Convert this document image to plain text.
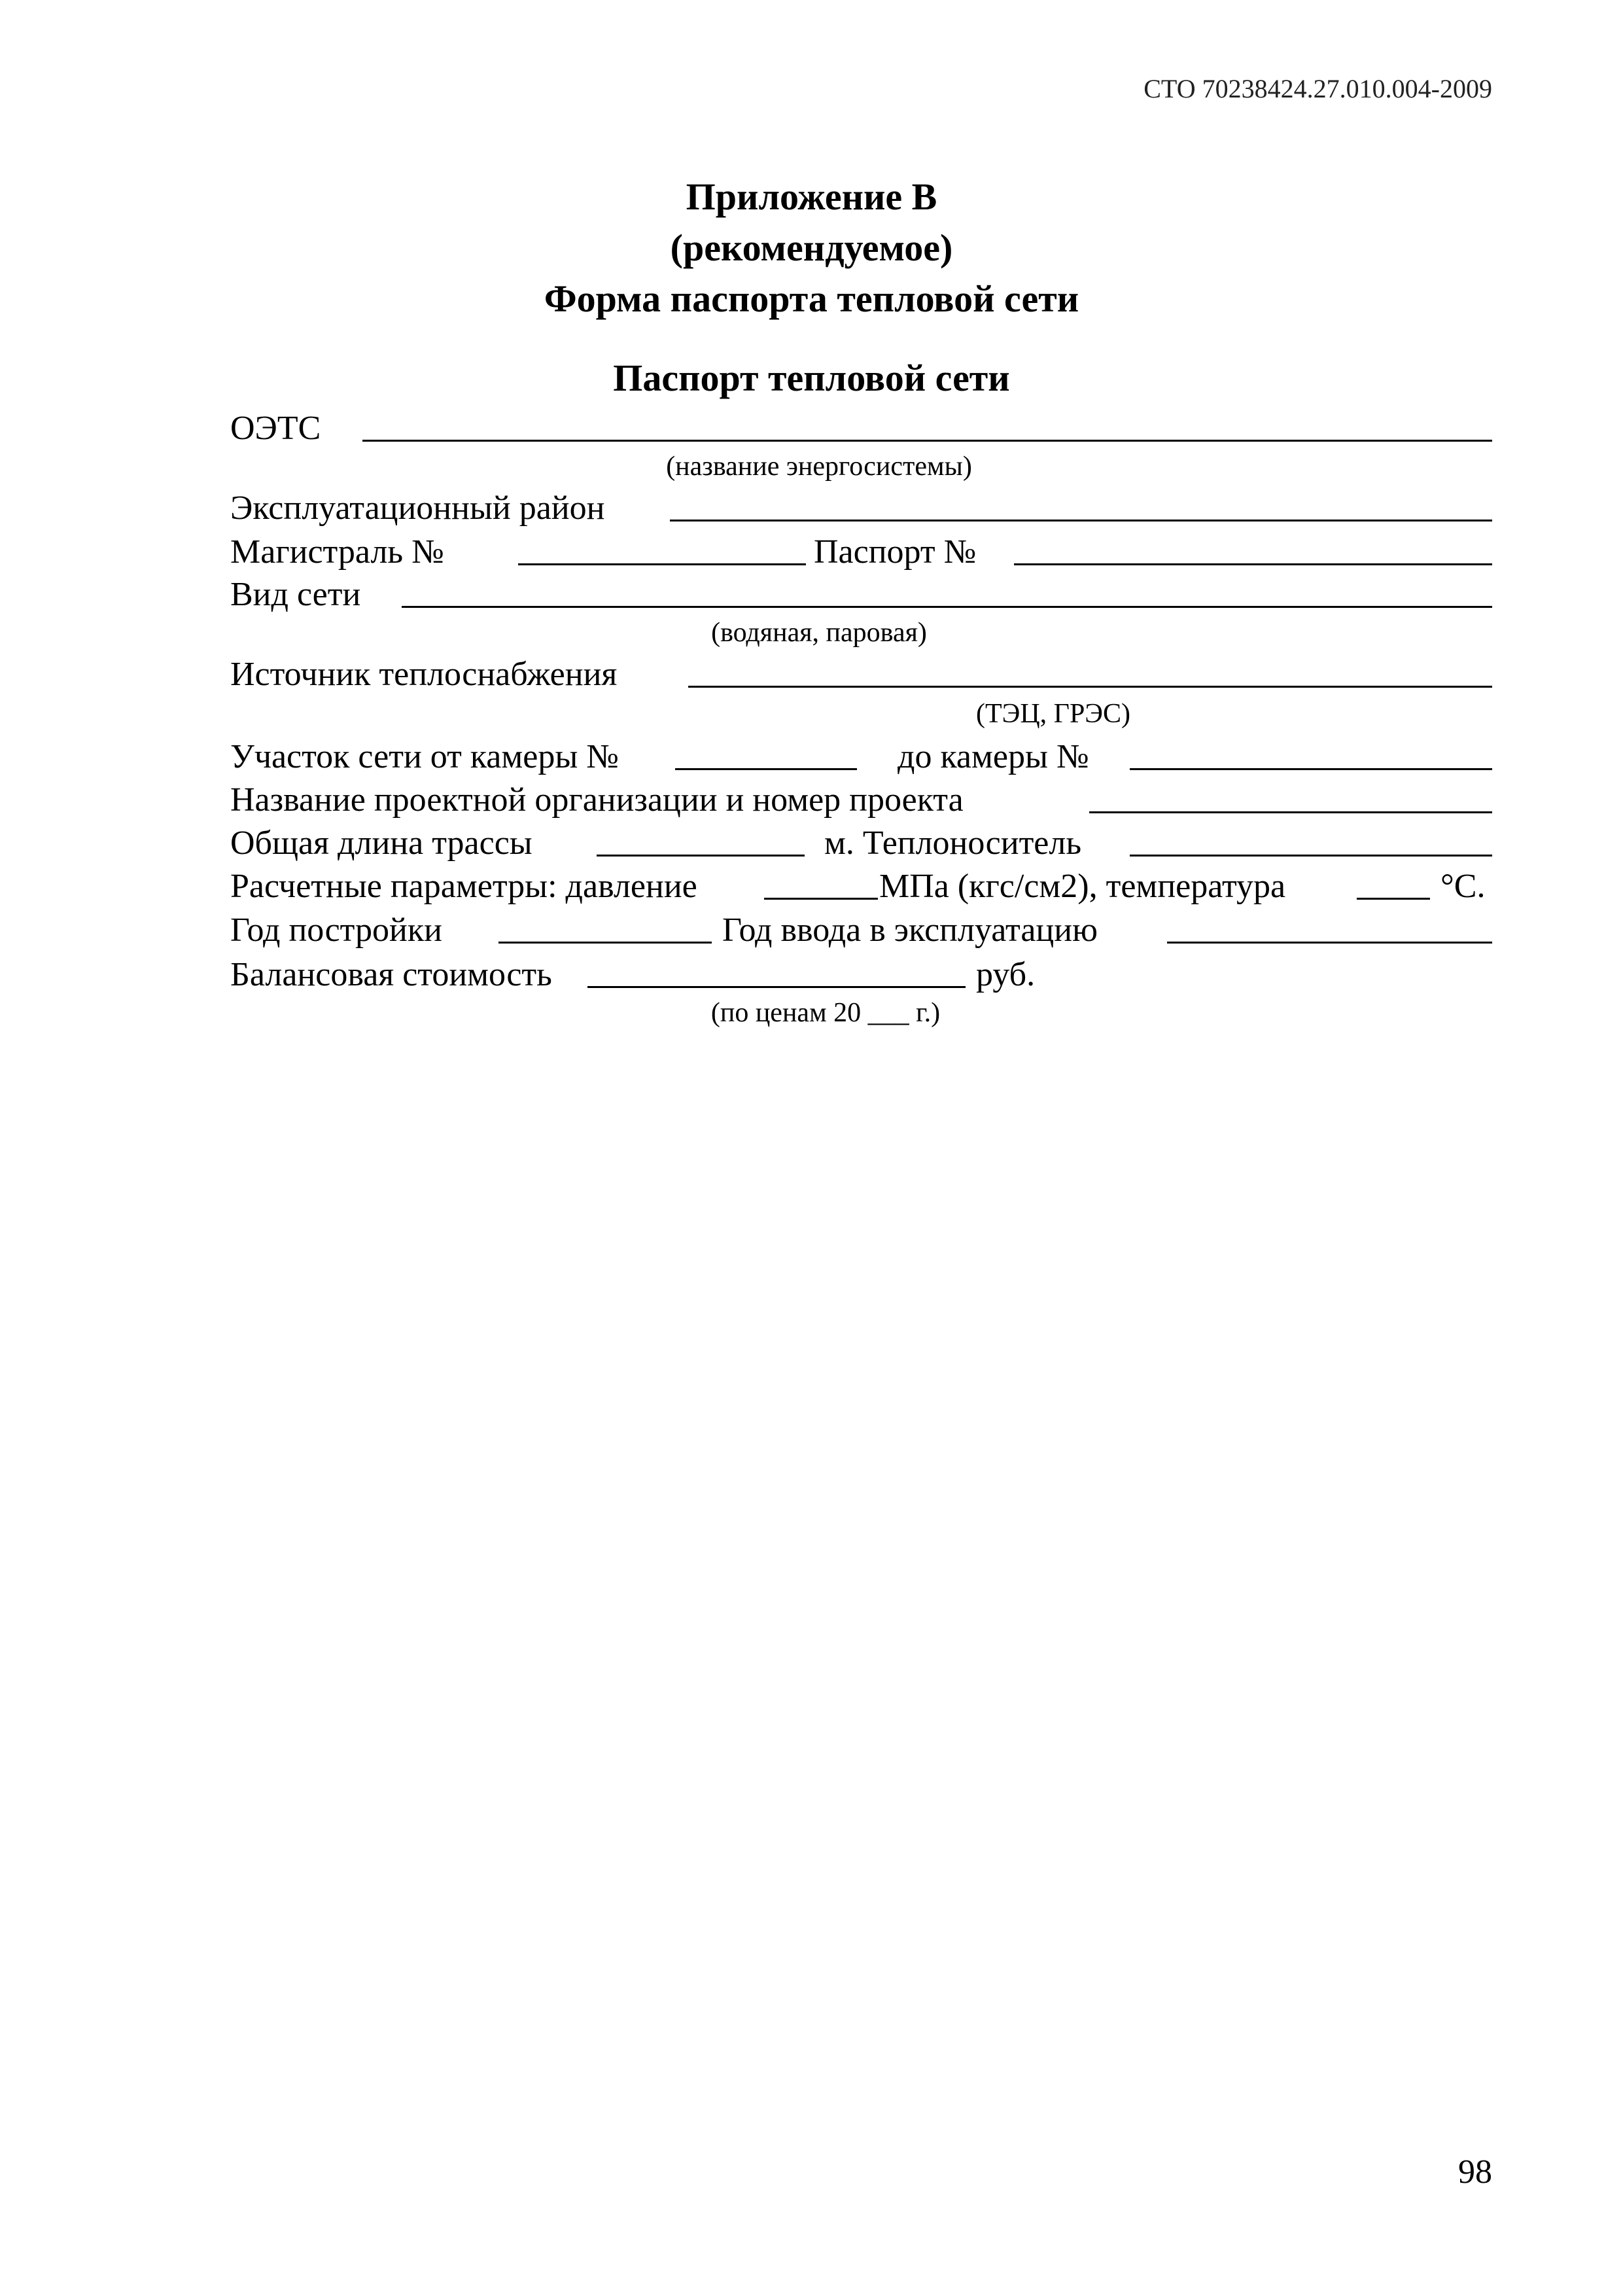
СТО 70238424.27.010.004-2009
Приложение В
(рекомендуемое)
Форма паспорта тепловой сети
Паспорт тепловой сети
ОЭТС
(название энергосистемы)
Эксплуатационный район
Магистраль №	Паспорт №
Вид сети
(водяная, паровая)
Источник теплоснабжения
(ТЭЦ, ГРЭС)
Участок сети от камеры №	до камеры №
Название проектной организации и номер проекта
Общая длина трассы	м. Теплоноситель
Расчетные параметры: давление	МПа (кгс/см2), температура	°С.
Год постройки	Год ввода в эксплуатацию
Балансовая стоимость	руб.
(по ценам 20 ___ г.)
98
